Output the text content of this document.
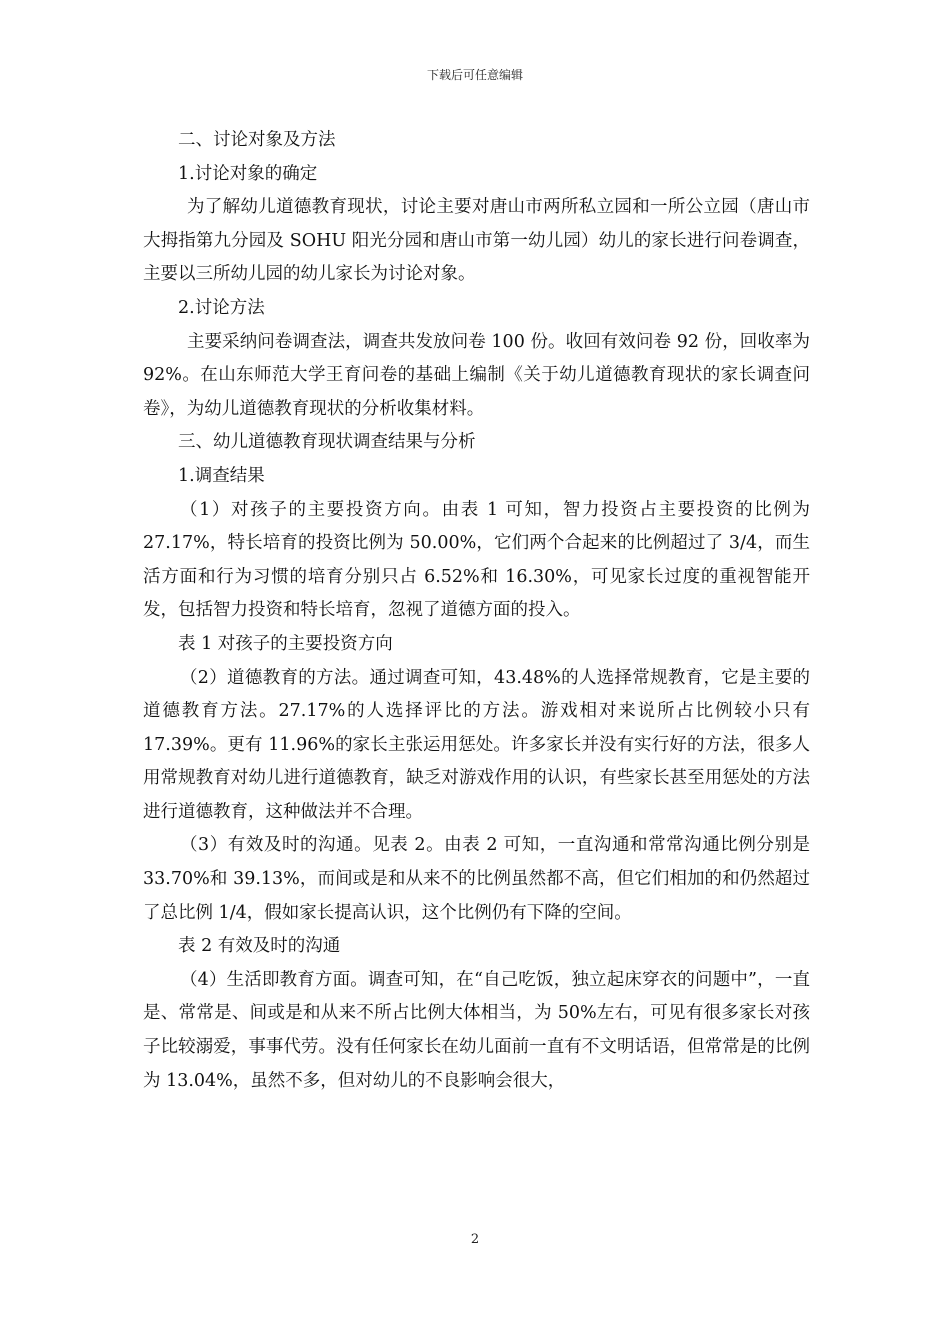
下载后可任意编辑

二、讨论对象及方法

1.讨论对象的确定

为了解幼儿道德教育现状，讨论主要对唐山市两所私立园和一所公立园（唐山市大拇指第九分园及 SOHU 阳光分园和唐山市第一幼儿园）幼儿的家长进行问卷调查，主要以三所幼儿园的幼儿家长为讨论对象。

2.讨论方法

主要采纳问卷调查法，调查共发放问卷 100 份。收回有效问卷 92 份，回收率为 92%。在山东师范大学王育问卷的基础上编制《关于幼儿道德教育现状的家长调查问卷》，为幼儿道德教育现状的分析收集材料。

三、幼儿道德教育现状调查结果与分析

1.调查结果

（1）对孩子的主要投资方向。由表 1 可知，智力投资占主要投资的比例为 27.17%，特长培育的投资比例为 50.00%，它们两个合起来的比例超过了 3/4，而生活方面和行为习惯的培育分别只占 6.52%和 16.30%，可见家长过度的重视智能开发，包括智力投资和特长培育，忽视了道德方面的投入。

表 1 对孩子的主要投资方向

（2）道德教育的方法。通过调查可知，43.48%的人选择常规教育，它是主要的道德教育方法。27.17%的人选择评比的方法。游戏相对来说所占比例较小只有 17.39%。更有 11.96%的家长主张运用惩处。许多家长并没有实行好的方法，很多人用常规教育对幼儿进行道德教育，缺乏对游戏作用的认识，有些家长甚至用惩处的方法进行道德教育，这种做法并不合理。

（3）有效及时的沟通。见表 2。由表 2 可知，一直沟通和常常沟通比例分别是 33.70%和 39.13%，而间或是和从来不的比例虽然都不高，但它们相加的和仍然超过了总比例 1/4，假如家长提高认识，这个比例仍有下降的空间。

表 2 有效及时的沟通

（4）生活即教育方面。调查可知，在“自己吃饭，独立起床穿衣的问题中”，一直是、常常是、间或是和从来不所占比例大体相当，为 50%左右，可见有很多家长对孩子比较溺爱，事事代劳。没有任何家长在幼儿面前一直有不文明话语，但常常是的比例为 13.04%，虽然不多，但对幼儿的不良影响会很大，

2
